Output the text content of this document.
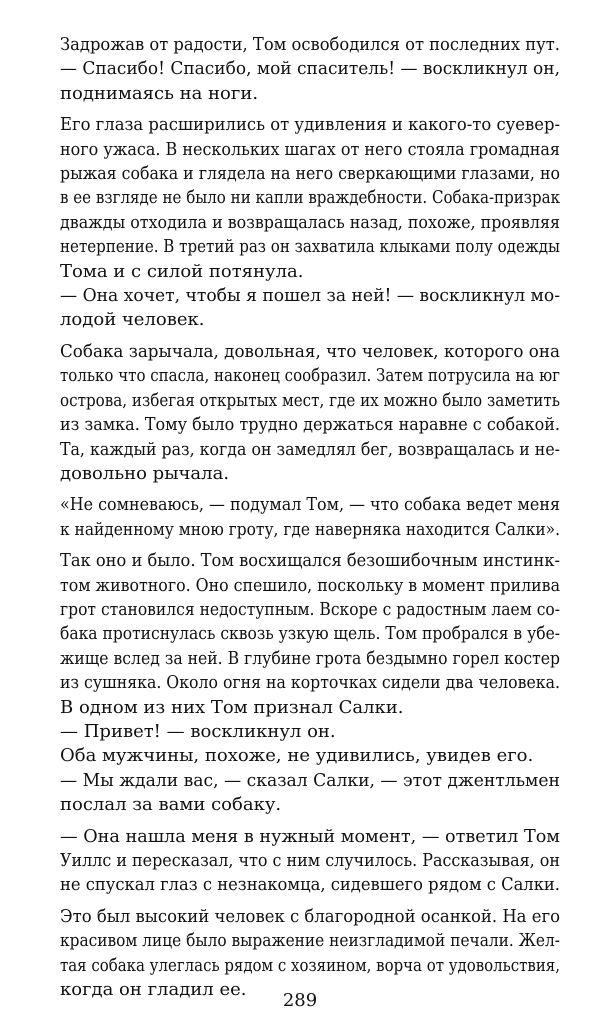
Задрожав от радости, Том освободился от последних пут.
— Спасибо! Спасибо, мой спаситель! — воскликнул он,
поднимаясь на ноги.
Его глаза расширились от удивления и какого-то суевер-
ного ужаса. В нескольких шагах от него стояла громадная
рыжая собака и глядела на него сверкающими глазами, но
в ее взгляде не было ни капли враждебности. Собака-призрак
дважды отходила и возвращалась назад, похоже, проявляя
нетерпение. В третий раз он захватила клыками полу одежды
Тома и с силой потянула.
— Она хочет, чтобы я пошел за ней! — воскликнул мо-
лодой человек.
Собака зарычала, довольная, что человек, которого она
только что спасла, наконец сообразил. Затем потрусила на юг
острова, избегая открытых мест, где их можно было заметить
из замка. Тому было трудно держаться наравне с собакой.
Та, каждый раз, когда он замедлял бег, возвращалась и не-
довольно рычала.
«Не сомневаюсь, — подумал Том, — что собака ведет меня
к найденному мною гроту, где наверняка находится Салки».
Так оно и было. Том восхищался безошибочным инстинк-
том животного. Оно спешило, поскольку в момент прилива
грот становился недоступным. Вскоре с радостным лаем со-
бака протиснулась сквозь узкую щель. Том пробрался в убе-
жище вслед за ней. В глубине грота бездымно горел костер
из сушняка. Около огня на корточках сидели два человека.
В одном из них Том признал Салки.
— Привет! — воскликнул он.
Оба мужчины, похоже, не удивились, увидев его.
— Мы ждали вас, — сказал Салки, — этот джентльмен
послал за вами собаку.
— Она нашла меня в нужный момент, — ответил Том
Уиллс и пересказал, что с ним случилось. Рассказывая, он
не спускал глаз с незнакомца, сидевшего рядом с Салки.
Это был высокий человек с благородной осанкой. На его
красивом лице было выражение неизгладимой печали. Жел-
тая собака улеглась рядом с хозяином, ворча от удовольствия,
когда он гладил ее.
289
